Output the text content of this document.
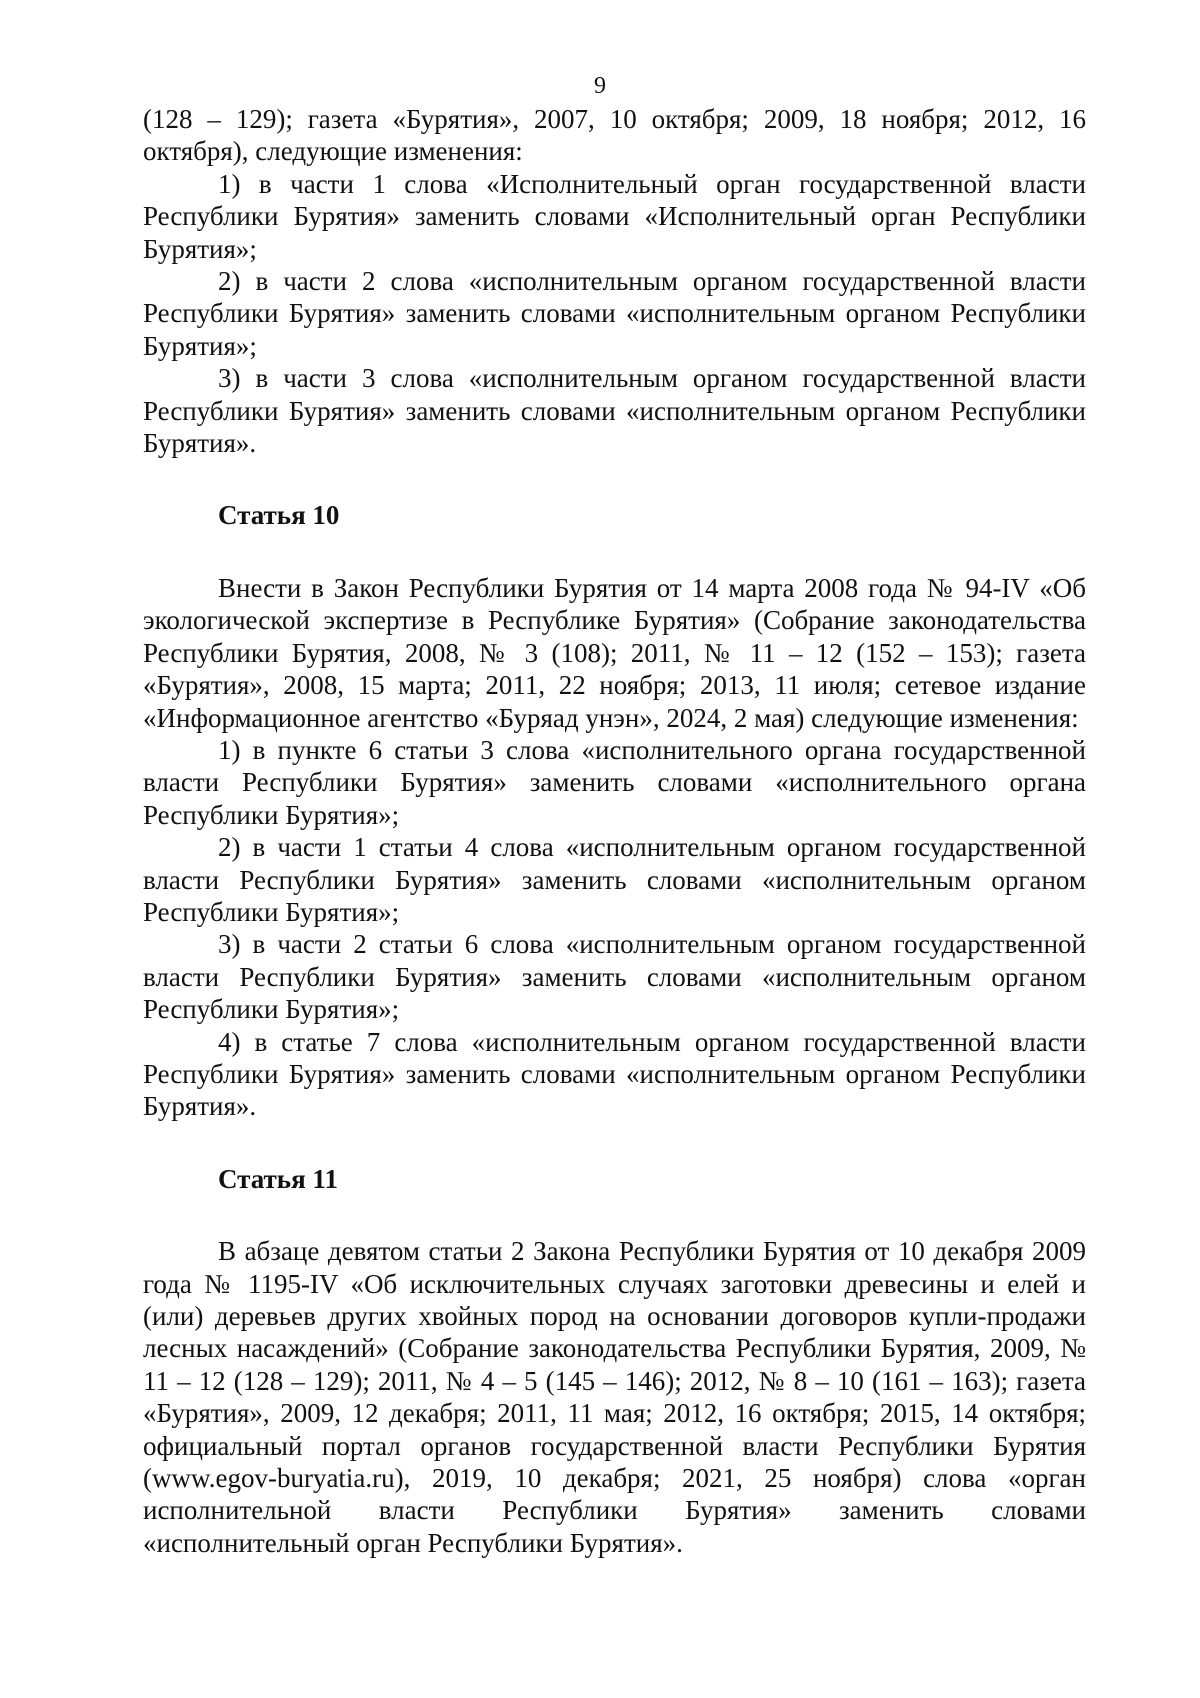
9

(128 – 129); газета «Бурятия», 2007, 10 октября; 2009, 18 ноября; 2012, 16 октября), следующие изменения:

1) в части 1 слова «Исполнительный орган государственной власти Республики Бурятия» заменить словами «Исполнительный орган Республики Бурятия»;

2) в части 2 слова «исполнительным органом государственной власти Республики Бурятия» заменить словами «исполнительным органом Республики Бурятия»;

3) в части 3 слова «исполнительным органом государственной власти Республики Бурятия» заменить словами «исполнительным органом Республики Бурятия».

Статья 10

Внести в Закон Республики Бурятия от 14 марта 2008 года № 94-IV «Об экологической экспертизе в Республике Бурятия» (Собрание законодательства Республики Бурятия, 2008, № 3 (108); 2011, № 11 – 12 (152 – 153); газета «Бурятия», 2008, 15 марта; 2011, 22 ноября; 2013, 11 июля; сетевое издание «Информационное агентство «Буряад унэн», 2024, 2 мая) следующие изменения:

1) в пункте 6 статьи 3 слова «исполнительного органа государственной власти Республики Бурятия» заменить словами «исполнительного органа Республики Бурятия»;

2) в части 1 статьи 4 слова «исполнительным органом государственной власти Республики Бурятия» заменить словами «исполнительным органом Республики Бурятия»;

3) в части 2 статьи 6 слова «исполнительным органом государственной власти Республики Бурятия» заменить словами «исполнительным органом Республики Бурятия»;

4) в статье 7 слова «исполнительным органом государственной власти Республики Бурятия» заменить словами «исполнительным органом Республики Бурятия».

Статья 11

В абзаце девятом статьи 2 Закона Республики Бурятия от 10 декабря 2009 года № 1195-IV «Об исключительных случаях заготовки древесины и елей и (или) деревьев других хвойных пород на основании договоров купли-продажи лесных насаждений» (Собрание законодательства Республики Бурятия, 2009, № 11 – 12 (128 – 129); 2011, № 4 – 5 (145 – 146); 2012, № 8 – 10 (161 – 163); газета «Бурятия», 2009, 12 декабря; 2011, 11 мая; 2012, 16 октября; 2015, 14 октября; официальный портал органов государственной власти Республики Бурятия (www.egov-buryatia.ru), 2019, 10 декабря; 2021, 25 ноября) слова «орган исполнительной власти Республики Бурятия» заменить словами «исполнительный орган Республики Бурятия».
